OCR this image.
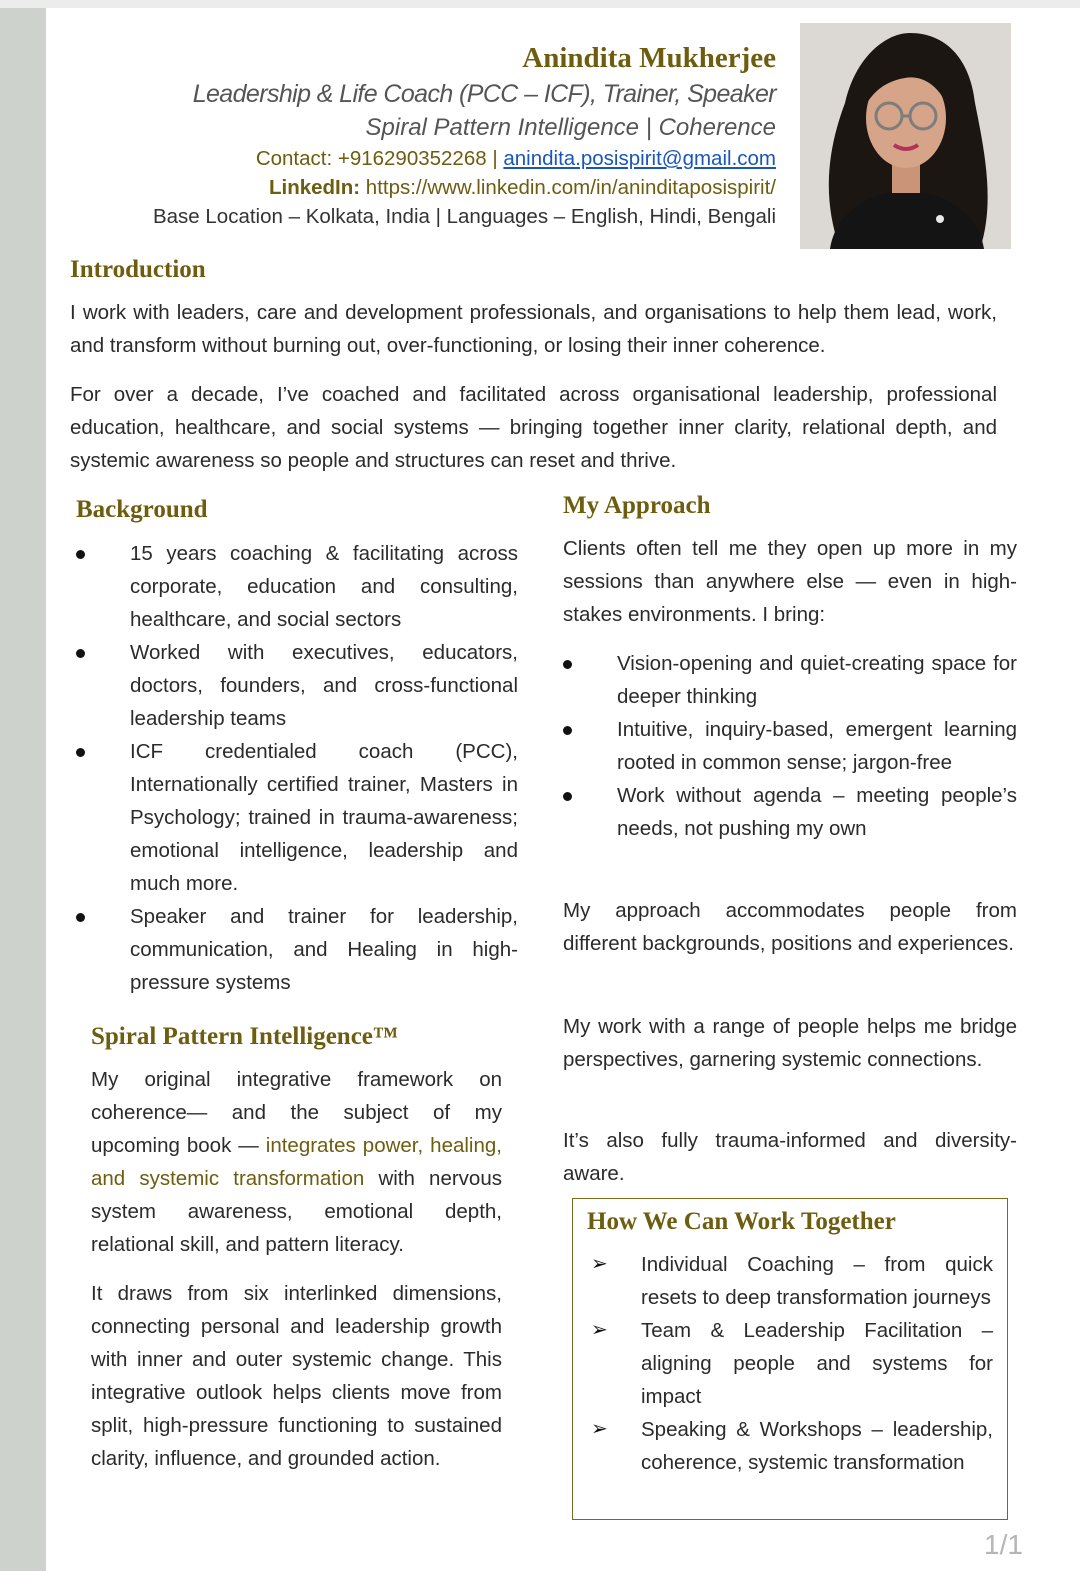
Anindita Mukherjee
Leadership & Life Coach (PCC – ICF), Trainer, Speaker
Spiral Pattern Intelligence | Coherence
Contact: +916290352268 | anindita.posispirit@gmail.com
LinkedIn: https://www.linkedin.com/in/aninditaposispirit/
Base Location – Kolkata, India | Languages – English, Hindi, Bengali
Introduction

I work with leaders, care and development professionals, and organisations to help them lead, work, and transform without burning out, over-functioning, or losing their inner coherence.

For over a decade, I’ve coached and facilitated across organisational leadership, professional education, healthcare, and social systems — bringing together inner clarity, relational depth, and systemic awareness so people and structures can reset and thrive.

Background
15 years coaching & facilitating across corporate, education and consulting, healthcare, and social sectors
Worked with executives, educators, doctors, founders, and cross-functional leadership teams
ICF credentialed coach (PCC), Internationally certified trainer, Masters in Psychology; trained in trauma-awareness; emotional intelligence, leadership and much more.
Speaker and trainer for leadership, communication, and Healing in high-pressure systems
Spiral Pattern Intelligence™

My original integrative framework on coherence— and the subject of my upcoming book — integrates power, healing, and systemic transformation with nervous system awareness, emotional depth, relational skill, and pattern literacy.

It draws from six interlinked dimensions, connecting personal and leadership growth with inner and outer systemic change. This integrative outlook helps clients move from split, high-pressure functioning to sustained clarity, influence, and grounded action.

My Approach

Clients often tell me they open up more in my sessions than anywhere else — even in high-stakes environments. I bring:

Vision-opening and quiet-creating space for deeper thinking
Intuitive, inquiry-based, emergent learning rooted in common sense; jargon-free
Work without agenda – meeting people’s needs, not pushing my own

My approach accommodates people from different backgrounds, positions and experiences.

My work with a range of people helps me bridge perspectives, garnering systemic connections.

It’s also fully trauma-informed and diversity-aware.

How We Can Work Together
➢ Individual Coaching – from quick resets to deep transformation journeys
➢ Team & Leadership Facilitation – aligning people and systems for impact
➢ Speaking & Workshops – leadership, coherence, systemic transformation
1/1
